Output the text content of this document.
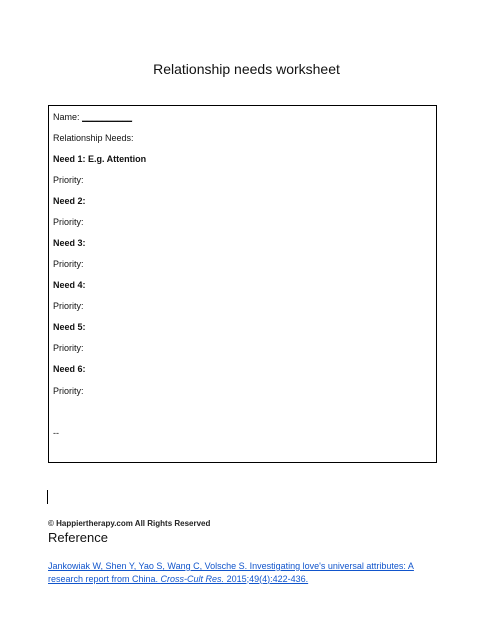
Relationship needs worksheet
Name: __________
Relationship Needs:
Need 1: E.g. Attention
Priority:
Need 2:
Priority:
Need 3:
Priority:
Need 4:
Priority:
Need 5:
Priority:
Need 6:
Priority:
--
© Happiertherapy.com All Rights Reserved
Reference
Jankowiak W, Shen Y, Yao S, Wang C, Volsche S. Investigating love's universal attributes: A research report from China. Cross-Cult Res. 2015;49(4):422-436.
